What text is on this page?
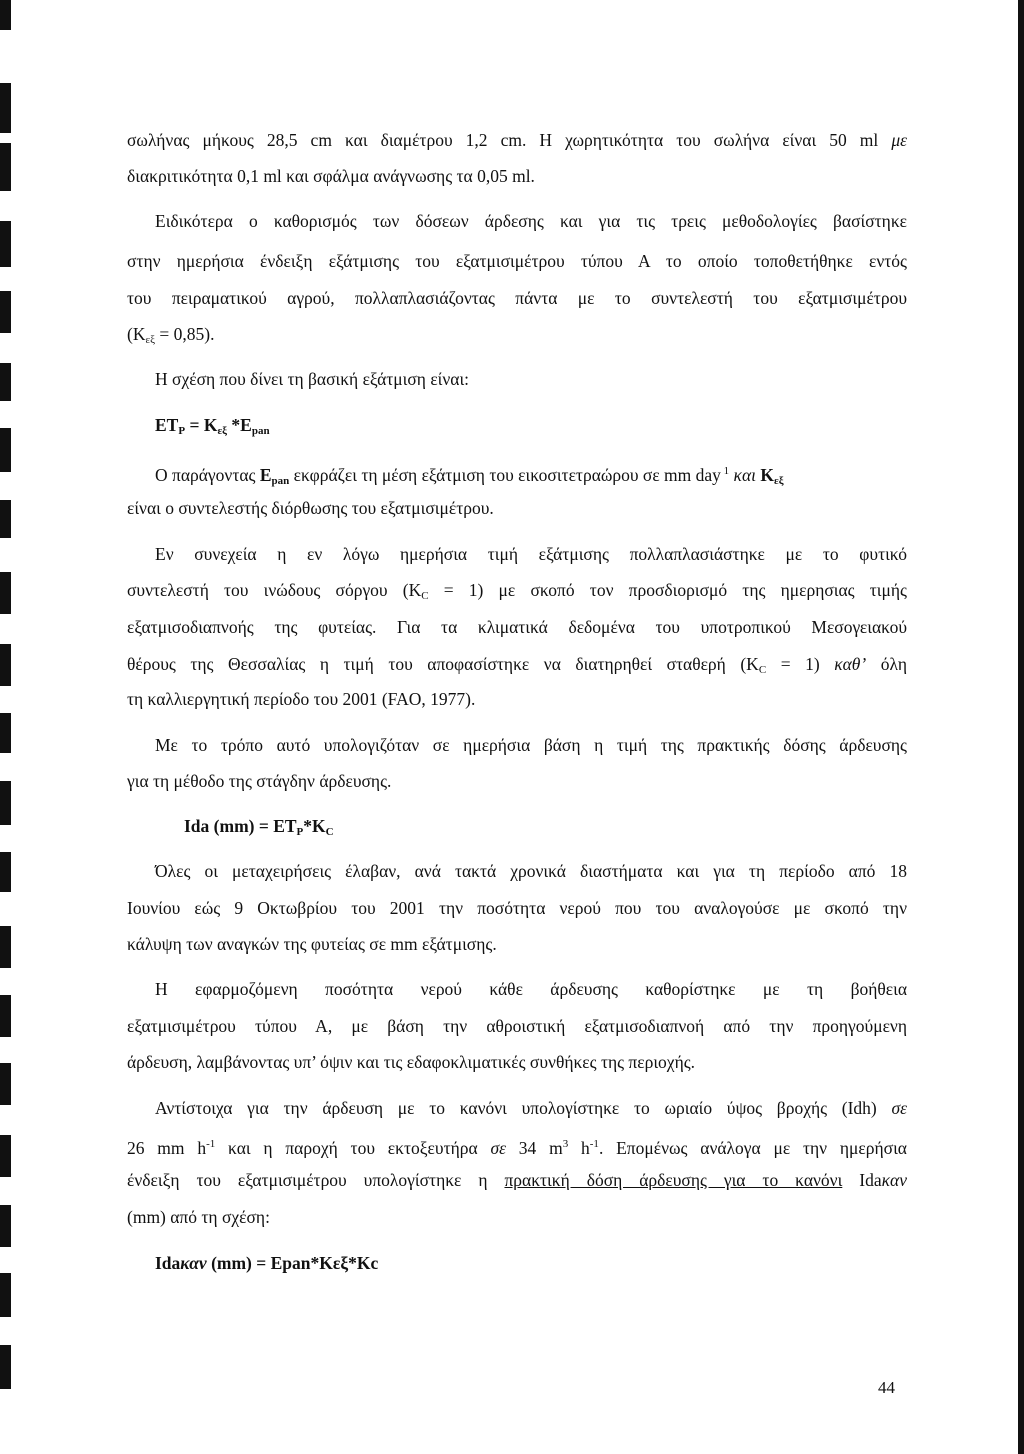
σωλήνας μήκους 28,5 cm και διαμέτρου 1,2 cm. Η χωρητικότητα του σωλήνα είναι 50 ml με
διακριτικότητα 0,1 ml και σφάλμα ανάγνωσης τα 0,05 ml.
Ειδικότερα ο καθορισμός των δόσεων άρδεσης και για τις τρεις μεθοδολογίες βασίστηκε
στην ημερήσια ένδειξη εξάτμισης του εξατμισιμέτρου τύπου Α το οποίο τοποθετήθηκε εντός
του πειραματικού αγρού, πολλαπλασιάζοντας πάντα με το συντελεστή του εξατμισιμέτρου
$(K_{\varepsilon\xi} = 0,85)$.
Η σχέση που δίνει τη βασική εξάτμιση είναι:
$ET_P = K_{\varepsilon\xi}$ $*E_{pan}$
Ο παράγοντας $E_{pan}$ εκφράζει τη μέση εξάτμιση του εικοσιτετραώρου σε mm day $^1$ και $K_{\varepsilon\xi}$
είναι ο συντελεστής διόρθωσης του εξατμισιμέτρου.
Εν συνεχεία η εν λόγω ημερήσια τιμή εξάτμισης πολλαπλασιάστηκε με το φυτικό
συντελεστή του ινώδους σόργου $(K_C = 1)$ με σκοπό τον προσδιορισμό της ημερησιας τιμής
εξατμισοδιαπνοής της φυτείας. Για τα κλιματικά δεδομένα του υποτροπικού Μεσογειακού
θέρους της Θεσσαλίας η τιμή του αποφασίστηκε να διατηρηθεί σταθερή $(K_C = 1)$ καθ’ όλη
τη καλλιεργητική περίοδο του 2001 (FAO, 1977).
Με το τρόπο αυτό υπολογιζόταν σε ημερήσια βάση η τιμή της πρακτικής δόσης άρδευσης
για τη μέθοδο της στάγδην άρδευσης.
Ida $(mm) = ET_P*K_C$
Όλες οι μεταχειρήσεις έλαβαν, ανά τακτά χρονικά διαστήματα και για τη περίοδο από 18
Ιουνίου εώς 9 Οκτωβρίου του 2001 την ποσότητα νερού που του αναλογούσε με σκοπό την
κάλυψη των αναγκών της φυτείας σε mm εξάτμισης.
Η εφαρμοζόμενη ποσότητα νερού κάθε άρδευσης καθορίστηκε με τη βοήθεια
εξατμισιμέτρου τύπου Α, με βάση την αθροιστική εξατμισοδιαπνοή από την προηγούμενη
άρδευση, λαμβάνοντας υπ’ όψιν και τις εδαφοκλιματικές συνθήκες της περιοχής.
Αντίστοιχα για την άρδευση με το κανόνι υπολογίστηκε το ωριαίο ύψος βροχής (Idh) σε
26 mm $h^{-1}$ και η παροχή του εκτοξευτήρα σε 34 $m^3$ $h^{-1}$. Επομένως ανάλογα με την ημερήσια
ένδειξη του εξατμισιμέτρου υπολογίστηκε η πρακτική δόση άρδευσης για το κανόνι Idaκαν
(mm) από τη σχέση:
Idaκαν (mm) = Epan*Kεξ*Kc
44
